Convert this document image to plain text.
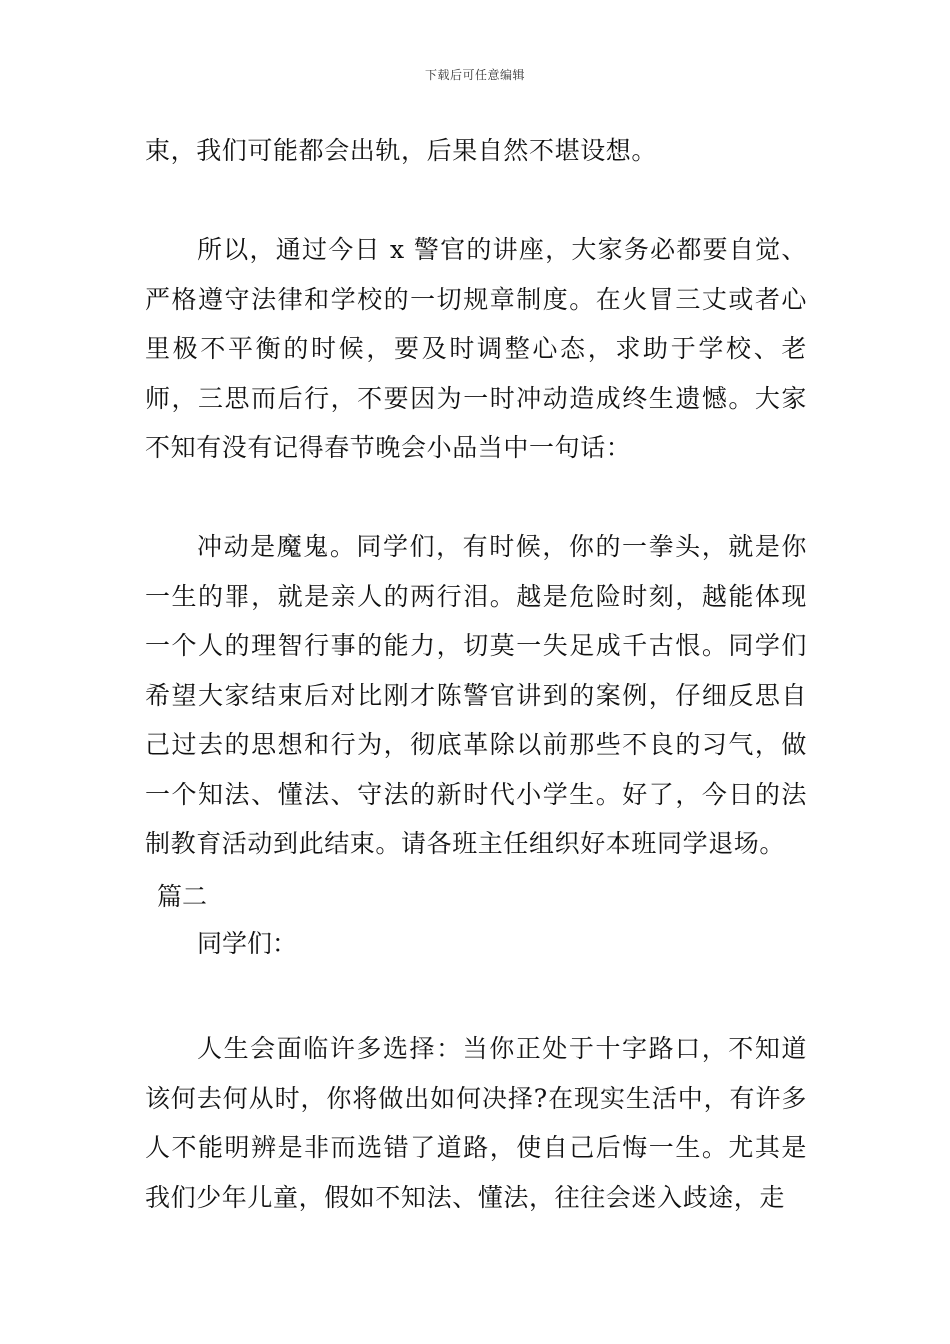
下载后可任意编辑

束，我们可能都会出轨，后果自然不堪设想。

所以，通过今日 x 警官的讲座，大家务必都要自觉、严格遵守法律和学校的一切规章制度。在火冒三丈或者心里极不平衡的时候，要及时调整心态，求助于学校、老师，三思而后行，不要因为一时冲动造成终生遗憾。大家不知有没有记得春节晚会小品当中一句话：

冲动是魔鬼。同学们，有时候，你的一拳头，就是你一生的罪，就是亲人的两行泪。越是危险时刻，越能体现一个人的理智行事的能力，切莫一失足成千古恨。同学们希望大家结束后对比刚才陈警官讲到的案例，仔细反思自己过去的思想和行为，彻底革除以前那些不良的习气，做一个知法、懂法、守法的新时代小学生。好了，今日的法制教育活动到此结束。请各班主任组织好本班同学退场。

篇二
同学们：

人生会面临许多选择：当你正处于十字路口，不知道该何去何从时，你将做出如何决择?在现实生活中，有许多人不能明辨是非而选错了道路，使自己后悔一生。尤其是我们少年儿童，假如不知法、懂法，往往会迷入歧途，走
